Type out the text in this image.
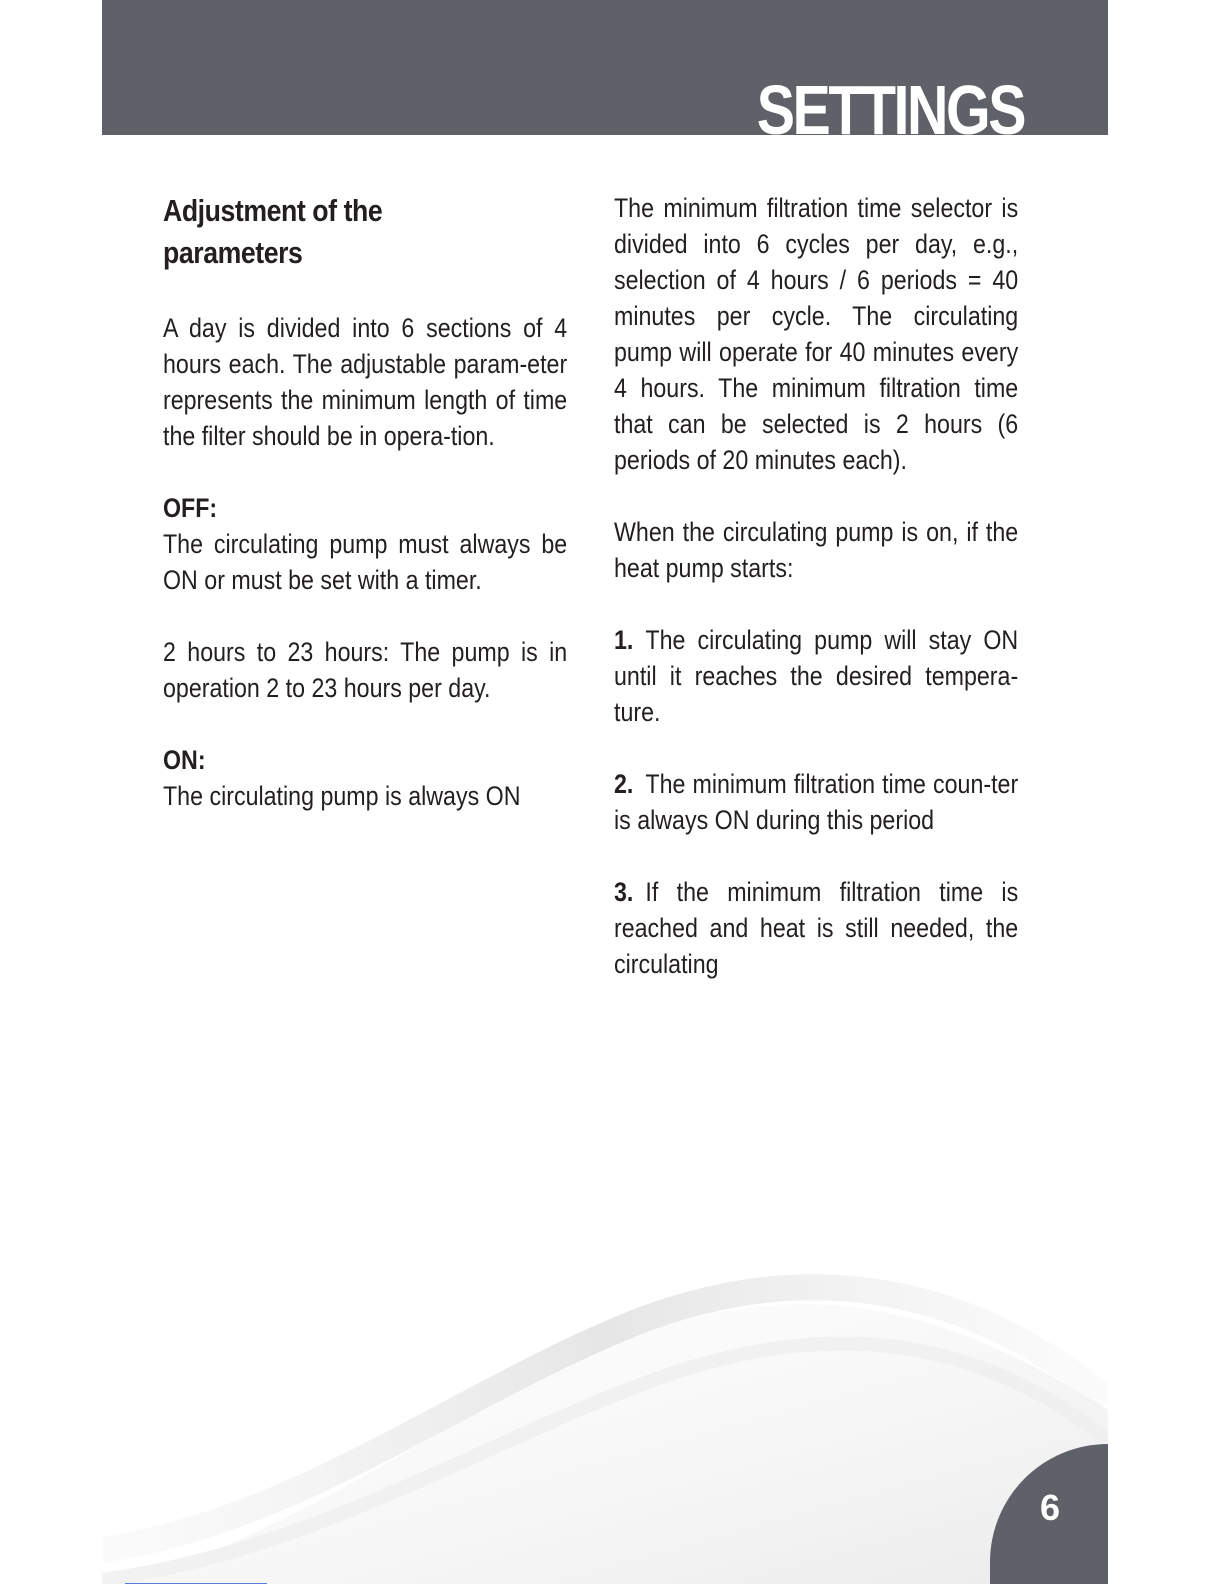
SETTINGS
Adjustment of the
parameters

A day is divided into 6 sections of 4 hours each. The adjustable param-eter represents the minimum length of time the filter should be in opera-tion.

OFF:
The circulating pump must always be ON or must be set with a timer.

2 hours to 23 hours: The pump is in operation 2 to 23 hours per day.

ON:
The circulating pump is always ON

The minimum filtration time selector is divided into 6 cycles per day, e.g., selection of 4 hours / 6 periods = 40 minutes per cycle. The circulating pump will operate for 40 minutes every 4 hours. The minimum filtration time that can be selected is 2 hours (6 periods of 20 minutes each).

When the circulating pump is on, if the heat pump starts:

1. The circulating pump will stay ON until it reaches the desired tempera-ture.

2. The minimum filtration time coun-ter is always ON during this period

3. If the minimum filtration time is reached and heat is still needed, the circulating

6
